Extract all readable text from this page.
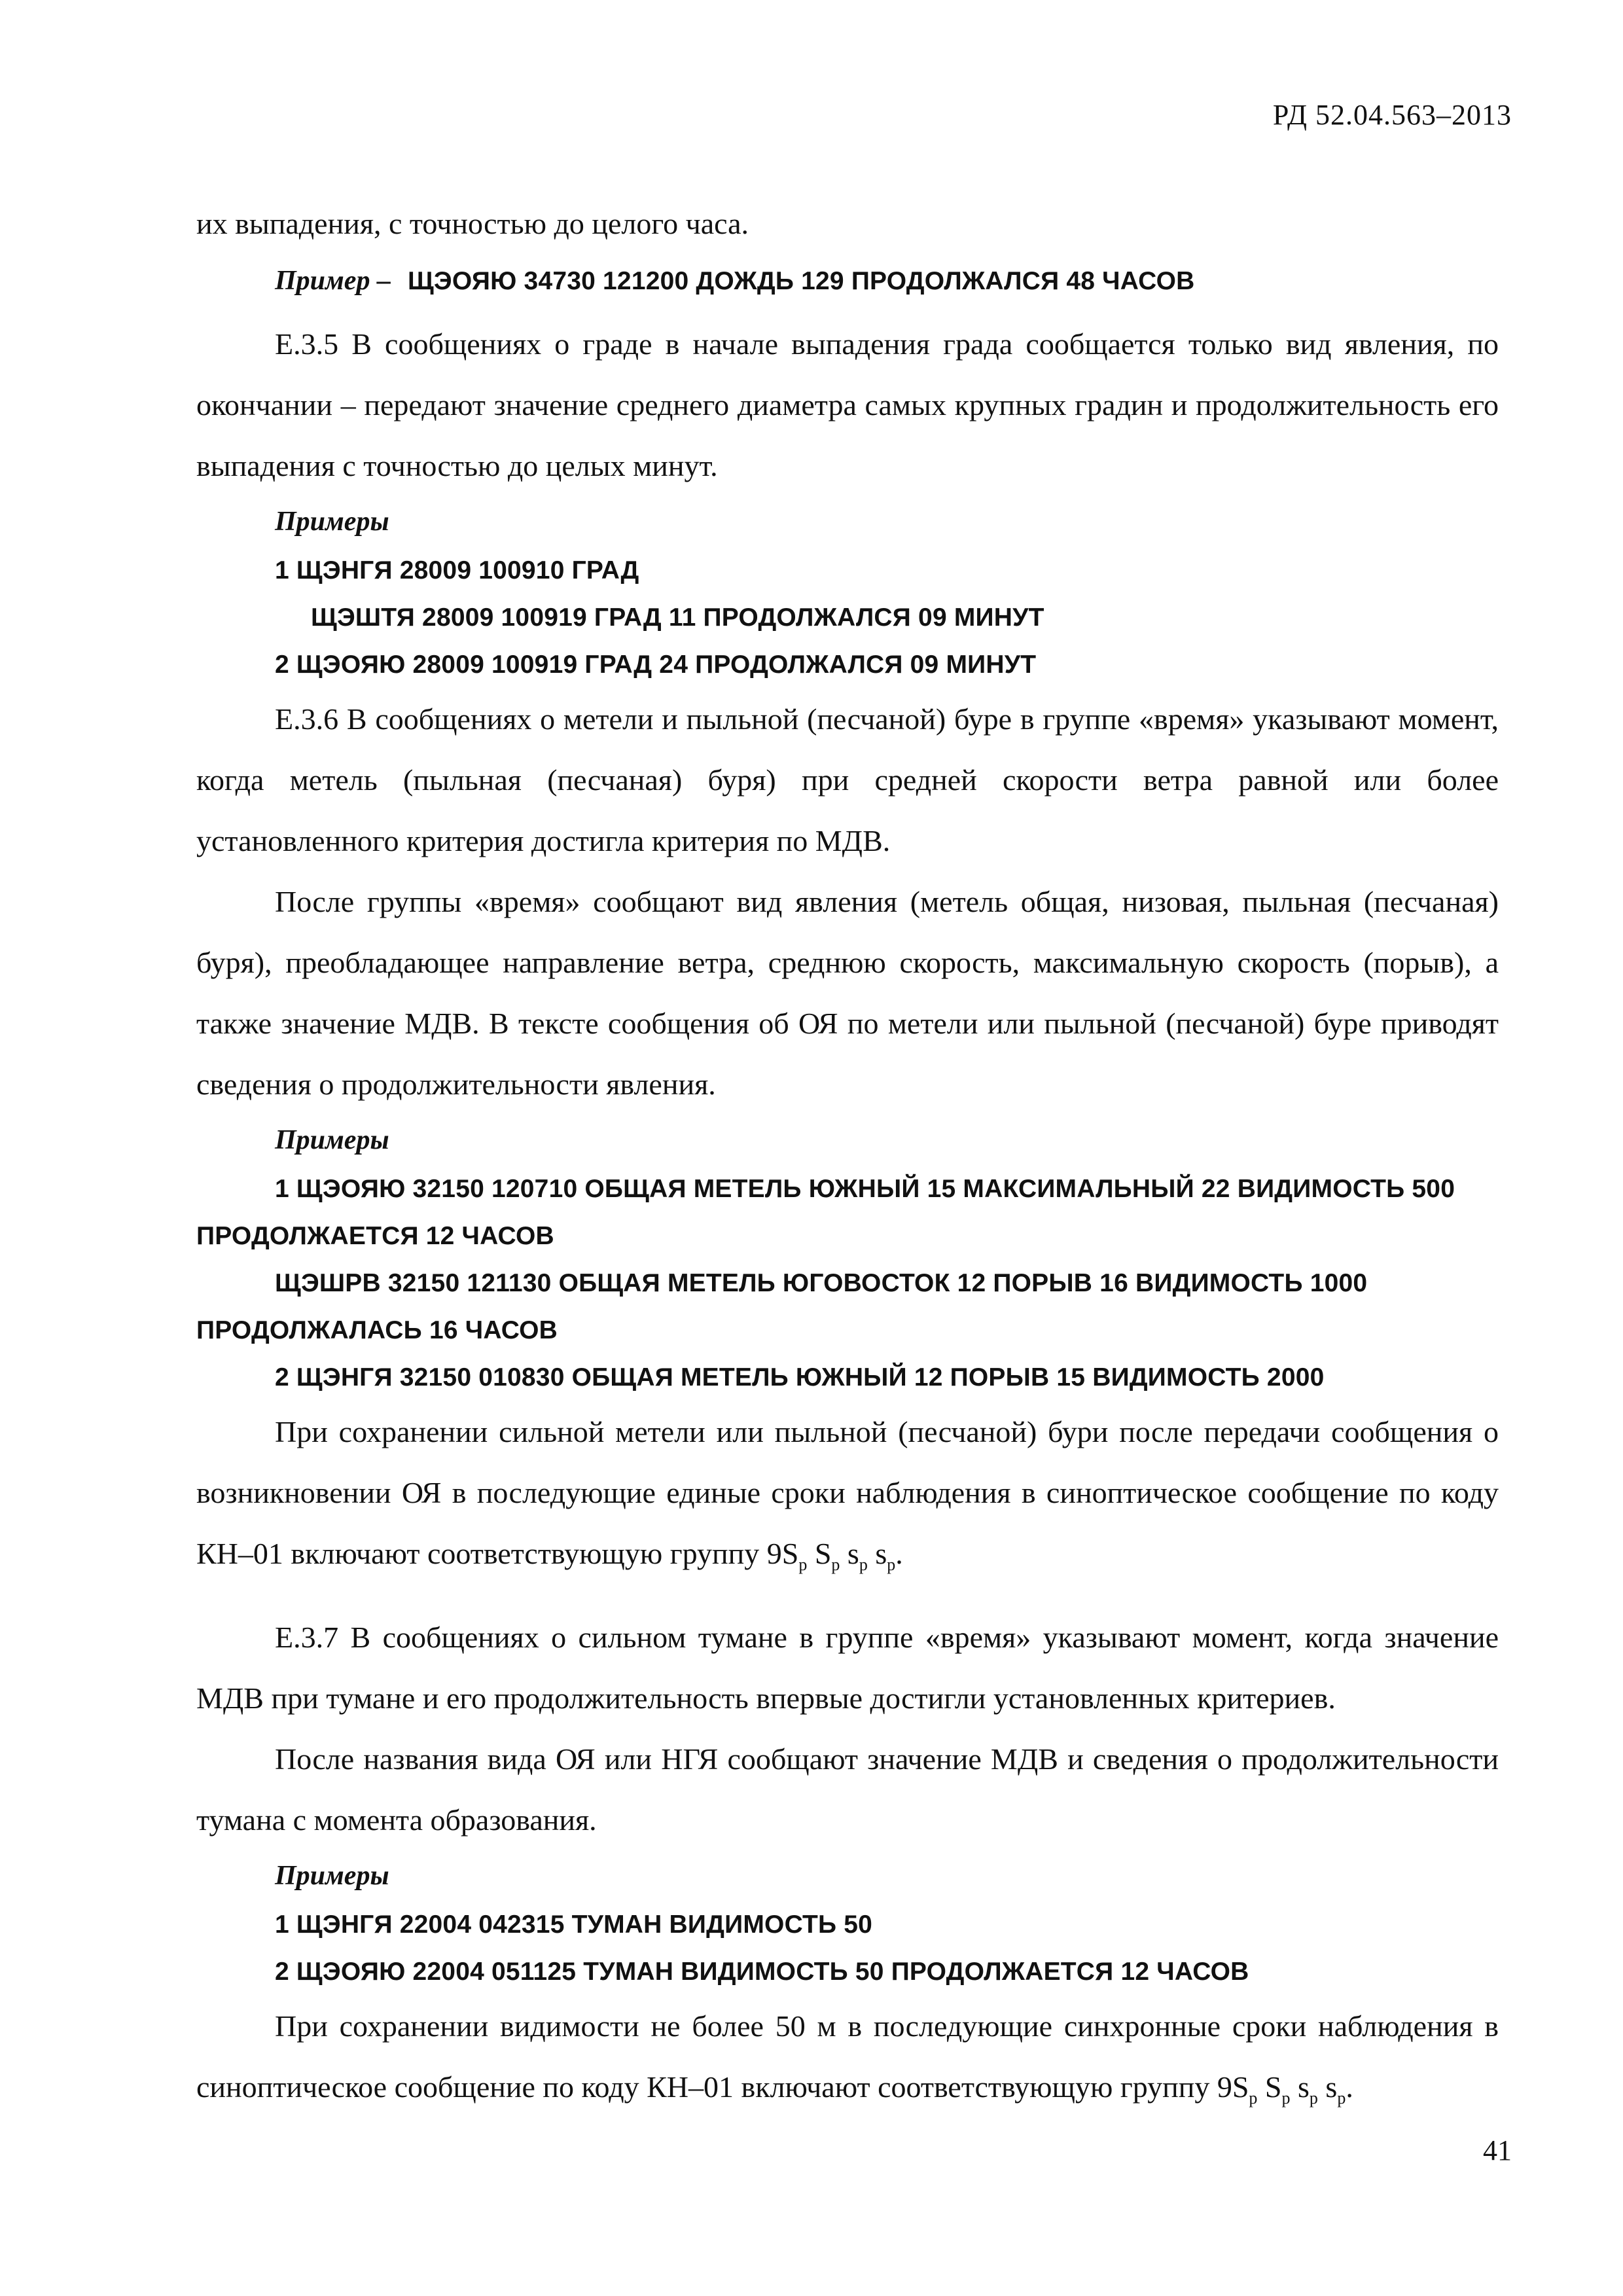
РД 52.04.563–2013

их выпадения, с точностью до целого часа.

Пример – ЩЭОЯЮ 34730 121200 ДОЖДЬ 129 ПРОДОЛЖАЛСЯ 48 ЧАСОВ

Е.3.5 В сообщениях о граде в начале выпадения града сообщается только вид явления, по окончании – передают значение среднего диаметра самых крупных градин и продолжительность его выпадения с точностью до целых минут.

Примеры

1 ЩЭНГЯ 28009 100910 ГРАД

ЩЭШТЯ 28009 100919 ГРАД 11 ПРОДОЛЖАЛСЯ 09 МИНУТ

2 ЩЭОЯЮ 28009 100919 ГРАД 24 ПРОДОЛЖАЛСЯ 09 МИНУТ

Е.3.6 В сообщениях о метели и пыльной (песчаной) буре в группе «время» указывают момент, когда метель (пыльная (песчаная) буря) при средней скорости ветра равной или более установленного критерия достигла критерия по МДВ.

После группы «время» сообщают вид явления (метель общая, низовая, пыльная (песчаная) буря), преобладающее направление ветра, среднюю скорость, максимальную скорость (порыв), а также значение МДВ. В тексте сообщения об ОЯ по метели или пыльной (песчаной) буре приводят сведения о продолжительности явления.

Примеры

1 ЩЭОЯЮ 32150 120710 ОБЩАЯ МЕТЕЛЬ ЮЖНЫЙ 15 МАКСИМАЛЬНЫЙ 22 ВИДИМОСТЬ 500 ПРОДОЛЖАЕТСЯ 12 ЧАСОВ

ЩЭШРВ 32150 121130 ОБЩАЯ МЕТЕЛЬ ЮГОВОСТОК 12 ПОРЫВ 16 ВИДИМОСТЬ 1000 ПРОДОЛЖАЛАСЬ 16 ЧАСОВ

2 ЩЭНГЯ 32150 010830 ОБЩАЯ МЕТЕЛЬ ЮЖНЫЙ 12 ПОРЫВ 15 ВИДИМОСТЬ 2000

При сохранении сильной метели или пыльной (песчаной) бури после передачи сообщения о возникновении ОЯ в последующие единые сроки наблюдения в синоптическое сообщение по коду КН–01 включают соответствующую группу $9S_p$ $S_p$ $s_p$ $s_p$.

Е.3.7 В сообщениях о сильном тумане в группе «время» указывают момент, когда значение МДВ при тумане и его продолжительность впервые достигли установленных критериев.

После названия вида ОЯ или НГЯ сообщают значение МДВ и сведения о продолжительности тумана с момента образования.

Примеры

1 ЩЭНГЯ 22004 042315 ТУМАН ВИДИМОСТЬ 50

2 ЩЭОЯЮ 22004 051125 ТУМАН ВИДИМОСТЬ 50 ПРОДОЛЖАЕТСЯ 12 ЧАСОВ

При сохранении видимости не более 50 м в последующие синхронные сроки наблюдения в синоптическое сообщение по коду КН–01 включают соответствующую группу $9S_p$ $S_p$ $s_p$ $s_p$.

41
